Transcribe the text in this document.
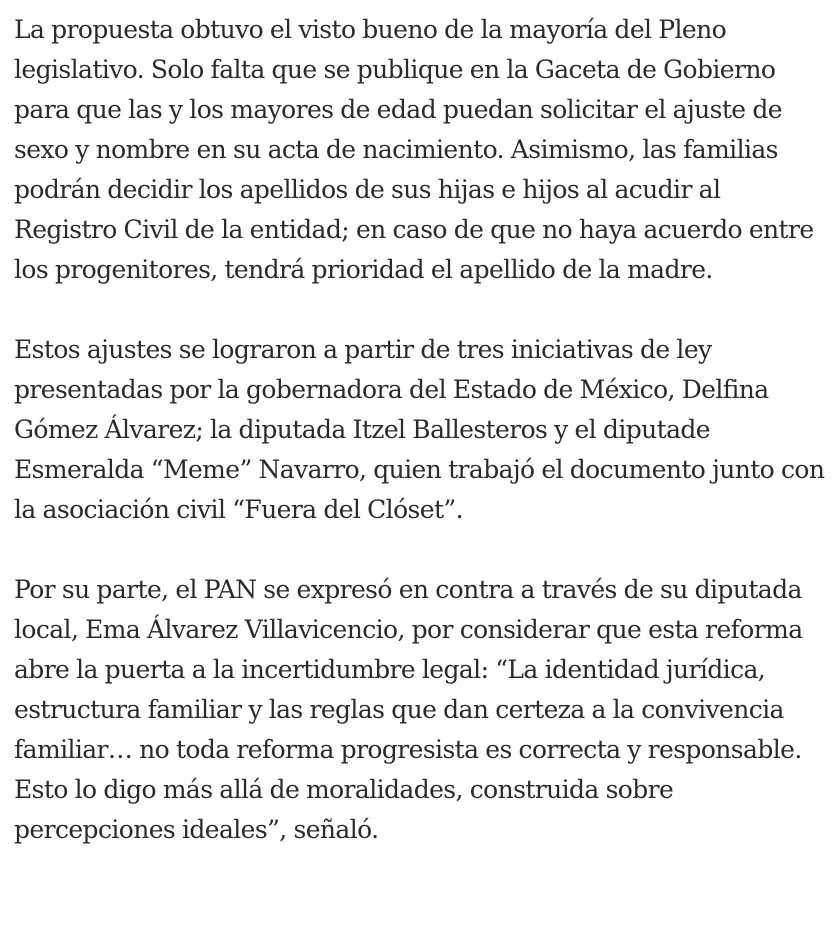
La propuesta obtuvo el visto bueno de la mayoría del Pleno legislativo. Solo falta que se publique en la Gaceta de Gobierno para que las y los mayores de edad puedan solicitar el ajuste de sexo y nombre en su acta de nacimiento. Asimismo, las familias podrán decidir los apellidos de sus hijas e hijos al acudir al Registro Civil de la entidad; en caso de que no haya acuerdo entre los progenitores, tendrá prioridad el apellido de la madre.

Estos ajustes se lograron a partir de tres iniciativas de ley presentadas por la gobernadora del Estado de México, Delfina Gómez Álvarez; la diputada Itzel Ballesteros y el diputade Esmeralda “Meme” Navarro, quien trabajó el documento junto con la asociación civil “Fuera del Clóset”.

Por su parte, el PAN se expresó en contra a través de su diputada local, Ema Álvarez Villavicencio, por considerar que esta reforma abre la puerta a la incertidumbre legal: “La identidad jurídica, estructura familiar y las reglas que dan certeza a la convivencia familiar… no toda reforma progresista es correcta y responsable. Esto lo digo más allá de moralidades, construida sobre percepciones ideales”, señaló.
